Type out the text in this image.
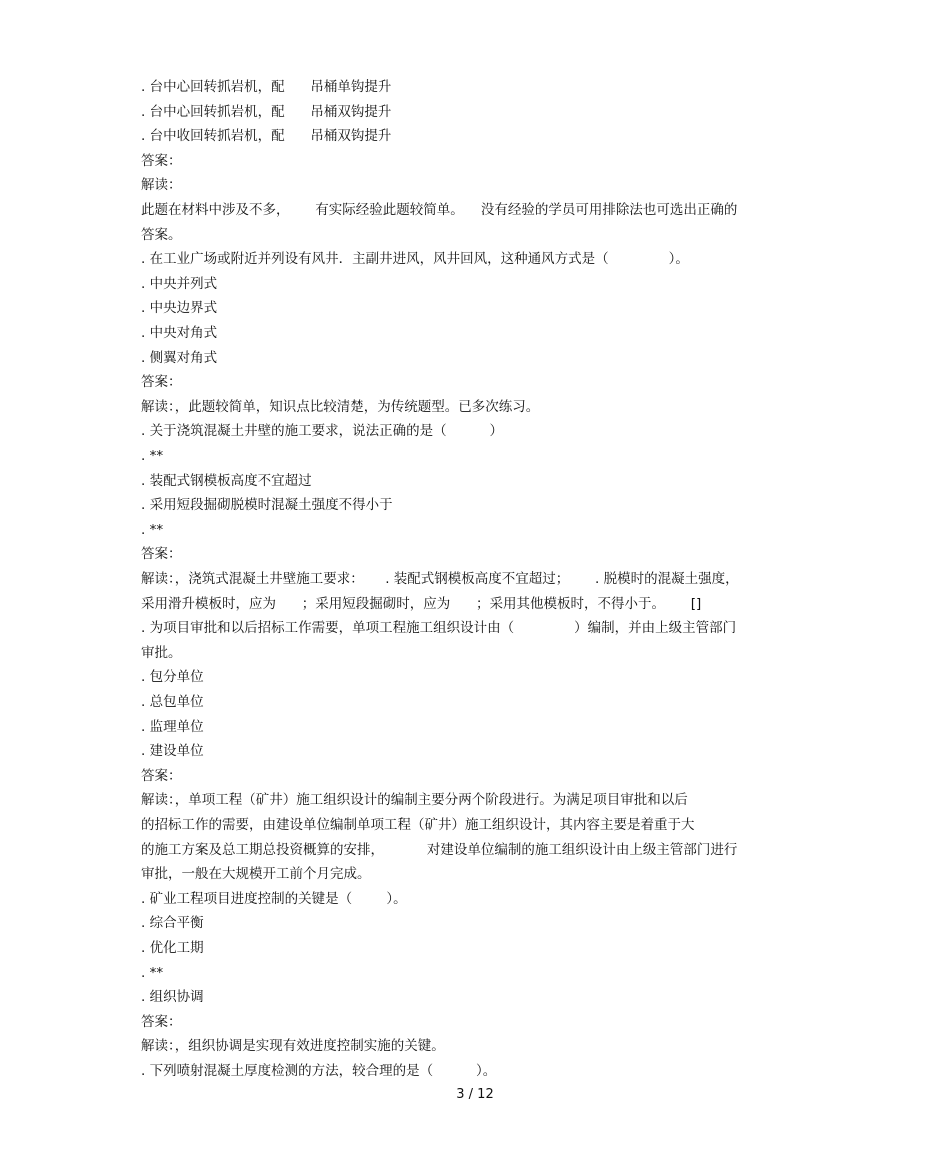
. 台中心回转抓岩机，配      吊桶单钩提升
. 台中心回转抓岩机，配      吊桶双钩提升
. 台中收回转抓岩机，配      吊桶双钩提升
答案：
解读：
此题在材料中涉及不多，      有实际经验此题较简单。    没有经验的学员可用排除法也可选出正确的
答案。
. 在工业广场或附近并列设有风井．主副井进风，风井回风，这种通风方式是（              ）。
. 中央并列式
. 中央边界式
. 中央对角式
. 侧翼对角式
答案：
解读：，此题较简单，知识点比较清楚，为传统题型。已多次练习。
. 关于浇筑混凝土井壁的施工要求，说法正确的是（          ）
. **
. 装配式钢模板高度不宜超过
. 采用短段掘砌脱模时混凝土强度不得小于
. **
答案：
解读：，浇筑式混凝土井壁施工要求：     . 装配式钢模板高度不宜超过；      . 脱模时的混凝土强度，
采用滑升模板时，应为      ；采用短段掘砌时，应为      ；采用其他模板时，不得小于。      []
. 为项目审批和以后招标工作需要，单项工程施工组织设计由（              ）编制，并由上级主管部门
审批。
. 包分单位
. 总包单位
. 监理单位
. 建设单位
答案：
解读：，单项工程（矿井）施工组织设计的编制主要分两个阶段进行。为满足项目审批和以后
的招标工作的需要，由建设单位编制单项工程（矿井）施工组织设计，其内容主要是着重于大
的施工方案及总工期总投资概算的安排，          对建设单位编制的施工组织设计由上级主管部门进行
审批，一般在大规模开工前个月完成。
. 矿业工程项目进度控制的关键是（        ）。
. 综合平衡
. 优化工期
. **
. 组织协调
答案：
解读：，组织协调是实现有效进度控制实施的关键。
. 下列喷射混凝土厚度检测的方法，较合理的是（          ）。
3 / 12
